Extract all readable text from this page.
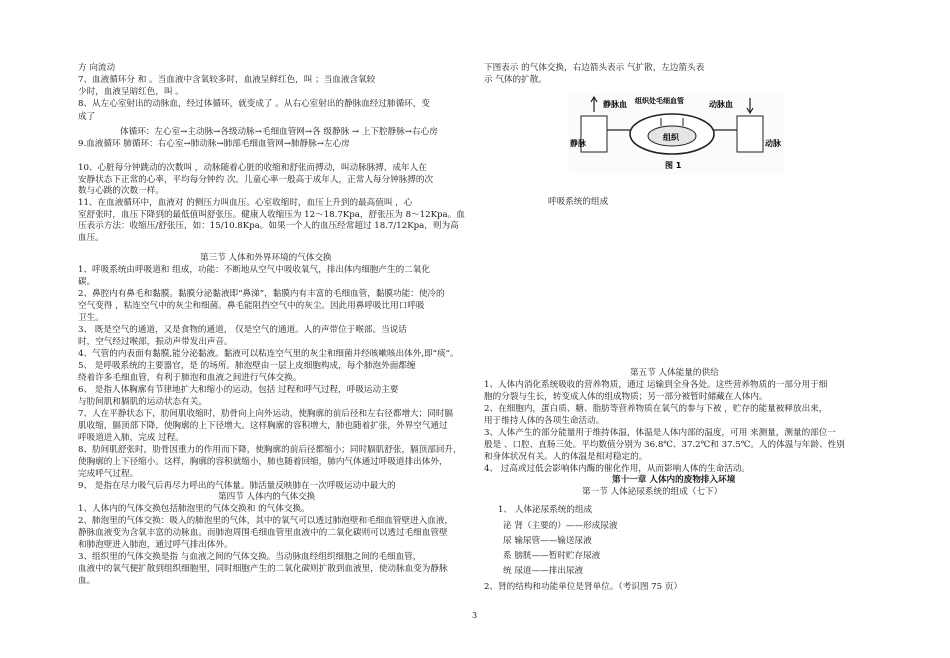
方 向流动
7、血液循环分 和 。当血液中含氧较多时，血液呈鲜红色，叫 ；当血液含氧较
少时，血液呈暗红色，叫 。
8、从左心室射出的动脉血，经过体循环，就变成了 。从右心室射出的静脉血经过肺循环，变
成了
体循环：左心室→主动脉→各级动脉→毛细血管网→各 级静脉 → 上下腔静脉→右心房
9.血液循环 肺循环：右心室→肺动脉→肺部毛细血管网→肺静脉→左心房
10、心脏每分钟跳动的次数叫 ，动脉随着心脏的收缩和舒张而搏动，叫动脉脉搏，成年人在
安静状态下正常的心率，平均每分钟约 次。儿童心率一般高于成年人，正常人每分钟脉搏的次
数与心跳的次数一样。
11、在血液循环中，血液对 的侧压力叫血压。心室收缩时，血压上升到的最高值叫 ，心
室舒张时，血压下降到的最低值叫舒张压。健康人收缩压为 12～18.7Kpa，舒张压为 8～12Kpa。血
压表示方法：收缩压/舒张压，如：15/10.8Kpa。如果一个人的血压经常超过 18.7/12Kpa，则为高
血压。
第三节 人体和外界环境的气体交换
1、呼吸系统由呼吸道和 组成，功能：不断地从空气中吸收氧气，排出体内细胞产生的二氧化
碳。
2、鼻腔内有鼻毛和黏膜。黏膜分泌黏液即“鼻涕”，黏膜内有丰富的毛细血管，黏膜功能：使冷的
空气变得 ，粘连空气中的灰尘和细菌。鼻毛能阻挡空气中的灰尘。因此用鼻呼吸比用口呼吸
卫生。
3、 既是空气的通道，又是食物的通道， 仅是空气的通道。人的声带位于喉部。当说话
时，空气经过喉部，振动声带发出声音。
4、气管的内表面有黏膜,能分泌黏液。黏液可以粘连空气里的灰尘和细菌并经咳嗽咳出体外,即“痰”。
5、 是呼吸系统的主要器官，是 的场所。肺泡壁由一层上皮细胞构成，每个肺泡外面都缠
绕着许多毛细血管，有利于肺泡和血液之间进行气体交换。
6、 是指人体胸廓有节律地扩大和缩小的运动，包括 过程和呼气过程，呼吸运动主要
与肋间肌和膈肌的运动状态有关。
7、人在平静状态下，肋间肌收缩时，肋骨向上向外运动，使胸廓的前后径和左右径都增大；同时膈
肌收缩，膈顶部下降，使胸廓的上下径增大。这样胸廓的容积增大，肺也随着扩张，外界空气通过
呼吸道进入肺，完成 过程。
8、肋间肌舒张时，肋骨因重力的作用而下降，使胸廓的前后径都缩小；同时膈肌舒张，膈顶部回升，
使胸廓的上下径缩小。这样，胸廓的容积就缩小，肺也随着回缩，肺内气体通过呼吸道排出体外，
完成呼气过程。
9、 是指在尽力吸气后再尽力呼出的气体量。肺活量反映肺在一次呼吸运动中最大的
第四节 人体内的气体交换
1、人体内的气体交换包括肺泡里的气体交换和 的气体交换。
2、肺泡里的气体交换：吸入的肺泡里的气体，其中的氧气可以透过肺泡壁和毛细血管壁进入血液，
静脉血液变为含氧丰富的动脉血。而肺泡周围毛细血管里血液中的二氧化碳则可以透过毛细血管壁
和肺泡壁进入肺泡，通过呼气排出体外。
3、组织里的气体交换是指 与血液之间的气体交换。当动脉血经组织细胞之间的毛细血管，
血液中的氧气便扩散到组织细胞里，同时细胞产生的二氧化碳则扩散到血液里，使动脉血变为静脉
血。
下图表示 的气体交换，右边箭头表示 气扩散，左边箭头表
示 气体的扩散。
静脉血 组织处毛细血管	动脉血
静脉	动脉
组织
图 1
呼吸系统的组成
第五节 人体能量的供给
1、人体内消化系统吸收的营养物质，通过 运输到全身各处。这些营养物质的一部分用于细
胞的分裂与生长，转变成人体的组成物质；另一部分被暂时储藏在人体内。
2、在细胞内，蛋白质、糖、脂肪等营养物质在氧气的参与下被 ，贮存的能量被释放出来，
用于维持人体的各项生命活动。
3、人体产生的部分能量用于维持体温，体温是人体内部的温度，可用 来测量，测量的部位一
般是 、口腔、直肠三处。平均数值分别为 36.8℃、37.2℃和 37.5℃。人的体温与年龄、性别
和身体状况有关。人的体温是相对稳定的。
4、 过高或过低会影响体内酶的催化作用，从而影响人体的生命活动。
第十一章 人体内的废物排入环境
第一节 人体泌尿系统的组成（七下）
1、 人体泌尿系统的组成
泌 肾（主要的）——形成尿液
尿 输尿管——输送尿液
系 膀胱——暂时贮存尿液
统 尿道——排出尿液
2、肾的结构和功能单位是肾单位。（考识图 75 页）
3
